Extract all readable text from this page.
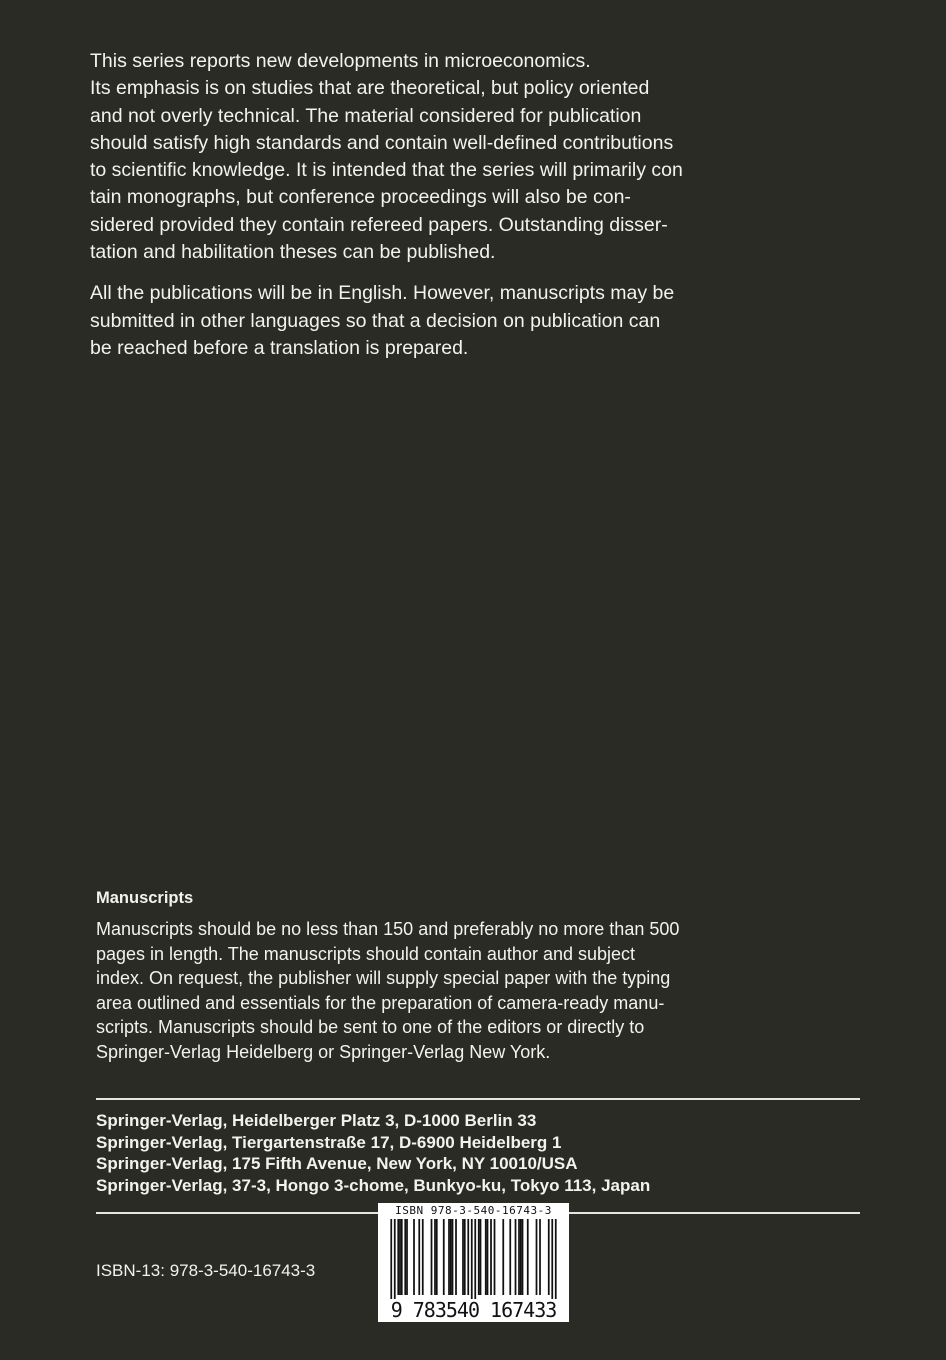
This series reports new developments in microeconomics.
Its emphasis is on studies that are theoretical, but policy oriented
and not overly technical. The material considered for publication
should satisfy high standards and contain well-defined contributions
to scientific knowledge. It is intended that the series will primarily con
tain monographs, but conference proceedings will also be con-
sidered provided they contain refereed papers. Outstanding disser-
tation and habilitation theses can be published.

All the publications will be in English. However, manuscripts may be
submitted in other languages so that a decision on publication can
be reached before a translation is prepared.

Manuscripts

Manuscripts should be no less than 150 and preferably no more than 500
pages in length. The manuscripts should contain author and subject
index. On request, the publisher will supply special paper with the typing
area outlined and essentials for the preparation of camera-ready manu-
scripts. Manuscripts should be sent to one of the editors or directly to
Springer-Verlag Heidelberg or Springer-Verlag New York.

Springer-Verlag, Heidelberger Platz 3, D-1000 Berlin 33
Springer-Verlag, Tiergartenstraße 17, D-6900 Heidelberg 1
Springer-Verlag, 175 Fifth Avenue, New York, NY 10010/USA
Springer-Verlag, 37-3, Hongo 3-chome, Bunkyo-ku, Tokyo 113, Japan
ISBN-13: 978-3-540-16743-3
ISBN 978-3-540-16743-3
9 783540 167433
